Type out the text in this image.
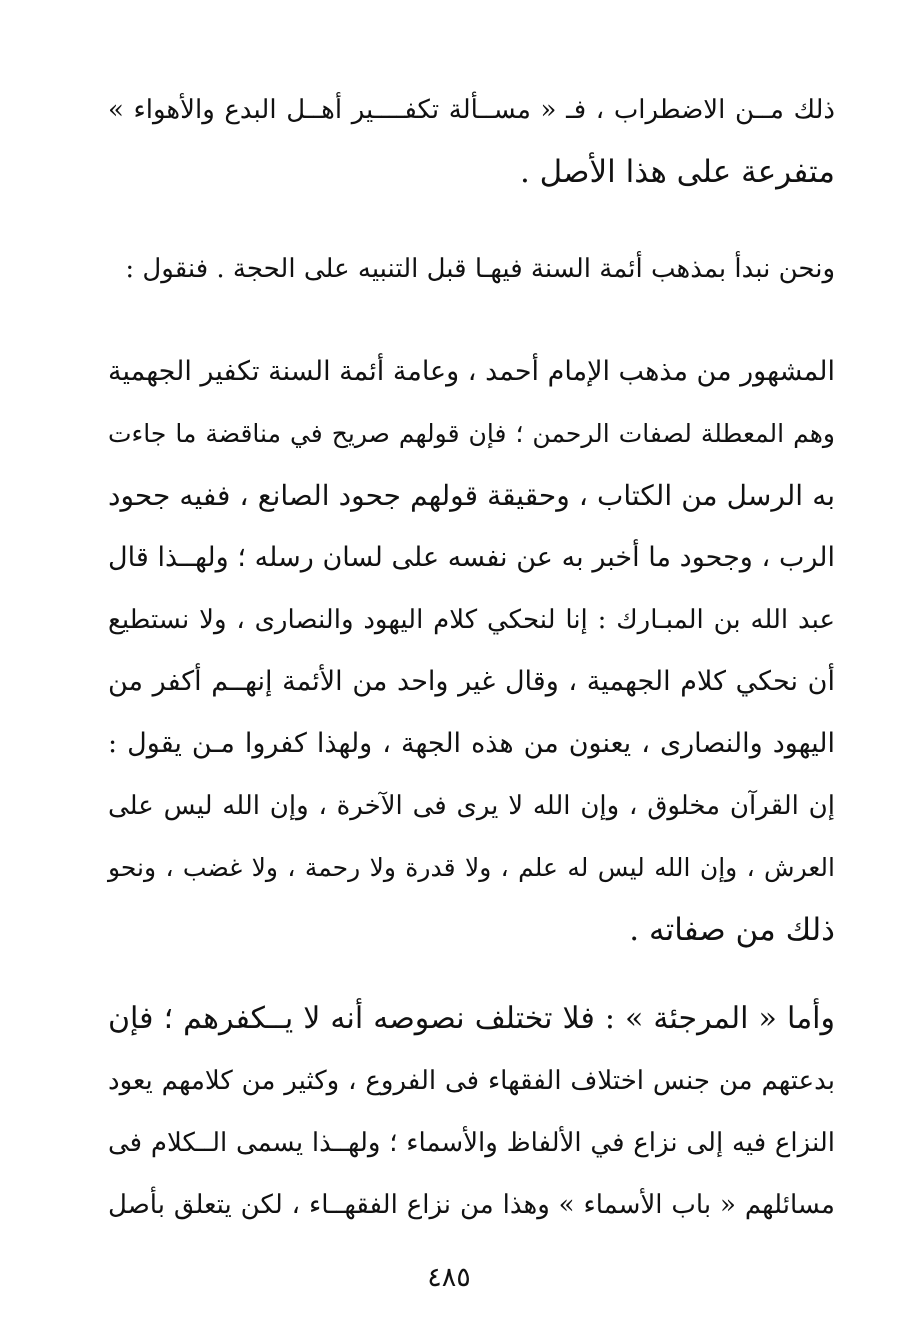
ذلك مــن الاضطراب ، فـ « مســألة تكفــــير أهــل البدع والأهواء »
متفرعة على هذا الأصل .
ونحن نبدأ بمذهب أئمة السنة فيهـا قبل التنبيه على الحجة . فنقول :
المشهور من مذهب الإمام أحمد ، وعامة أئمة السنة تكفير الجهمية
وهم المعطلة لصفات الرحمن ؛ فإن قولهم صريح في مناقضة ما جاءت
به الرسل من الكتاب ، وحقيقة قولهم جحود الصانع ، ففيه جحود
الرب ، وجحود ما أخبر به عن نفسه على لسان رسله ؛ ولهــذا قال
عبد الله بن المبـارك : إنا لنحكي كلام اليهود والنصارى ، ولا نستطيع
أن نحكي كلام الجهمية ، وقال غير واحد من الأئمة إنهــم أكفر من
اليهود والنصارى ، يعنون من هذه الجهة ، ولهذا كفروا مـن يقول :
إن القرآن مخلوق ، وإن الله لا يرى فى الآخرة ، وإن الله ليس على
العرش ، وإن الله ليس له علم ، ولا قدرة ولا رحمة ، ولا غضب ، ونحو
ذلك من صفاته .
وأما « المرجئة » : فلا تختلف نصوصه أنه لا يــكفرهم ؛ فإن
بدعتهم من جنس اختلاف الفقهاء فى الفروع ، وكثير من كلامهم يعود
النزاع فيه إلى نزاع في الألفاظ والأسماء ؛ ولهــذا يسمى الــكلام فى
مسائلهم « باب الأسماء » وهذا من نزاع الفقهــاء ، لكن يتعلق بأصل
٤٨٥
